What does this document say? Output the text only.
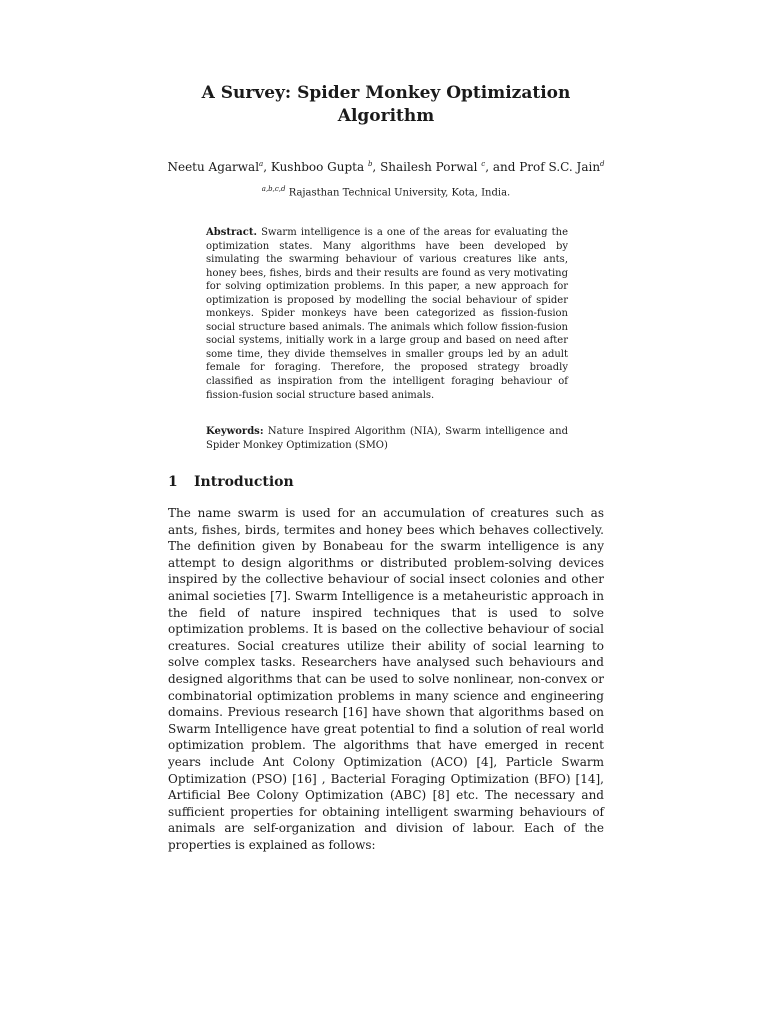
A Survey: Spider Monkey Optimization
Algorithm
Neetu Agarwal$^a$, Kushboo Gupta $^b$, Shailesh Porwal $^c$, and Prof S.C. Jain$^d$
$^{a,b,c,d}$ Rajasthan Technical University, Kota, India.
Abstract. Swarm intelligence is a one of the areas for evaluating the optimization states. Many algorithms have been developed by simulating the swarming behaviour of various creatures like ants, honey bees, fishes, birds and their results are found as very motivating for solving optimization problems. In this paper, a new approach for optimization is proposed by modelling the social behaviour of spider monkeys. Spider monkeys have been categorized as fission-fusion social structure based animals. The animals which follow fission-fusion social systems, initially work in a large group and based on need after some time, they divide themselves in smaller groups led by an adult female for foraging. Therefore, the proposed strategy broadly classified as inspiration from the intelligent foraging behaviour of fission-fusion social structure based animals.
Keywords: Nature Inspired Algorithm (NIA), Swarm intelligence and Spider Monkey Optimization (SMO)
1 Introduction
The name swarm is used for an accumulation of creatures such as ants, fishes, birds, termites and honey bees which behaves collectively. The definition given by Bonabeau for the swarm intelligence is any attempt to design algorithms or distributed problem-solving devices inspired by the collective behaviour of social insect colonies and other animal societies [7]. Swarm Intelligence is a metaheuristic approach in the field of nature inspired techniques that is used to solve optimization problems. It is based on the collective behaviour of social creatures. Social creatures utilize their ability of social learning to solve complex tasks. Researchers have analysed such behaviours and designed algorithms that can be used to solve nonlinear, non-convex or combinatorial optimization problems in many science and engineering domains. Previous research [16] have shown that algorithms based on Swarm Intelligence have great potential to find a solution of real world optimization problem. The algorithms that have emerged in recent years include Ant Colony Optimization (ACO) [4], Particle Swarm Optimization (PSO) [16] , Bacterial Foraging Optimization (BFO) [14], Artificial Bee Colony Optimization (ABC) [8] etc. The necessary and sufficient properties for obtaining intelligent swarming behaviours of animals are self-organization and division of labour. Each of the properties is explained as follows:
